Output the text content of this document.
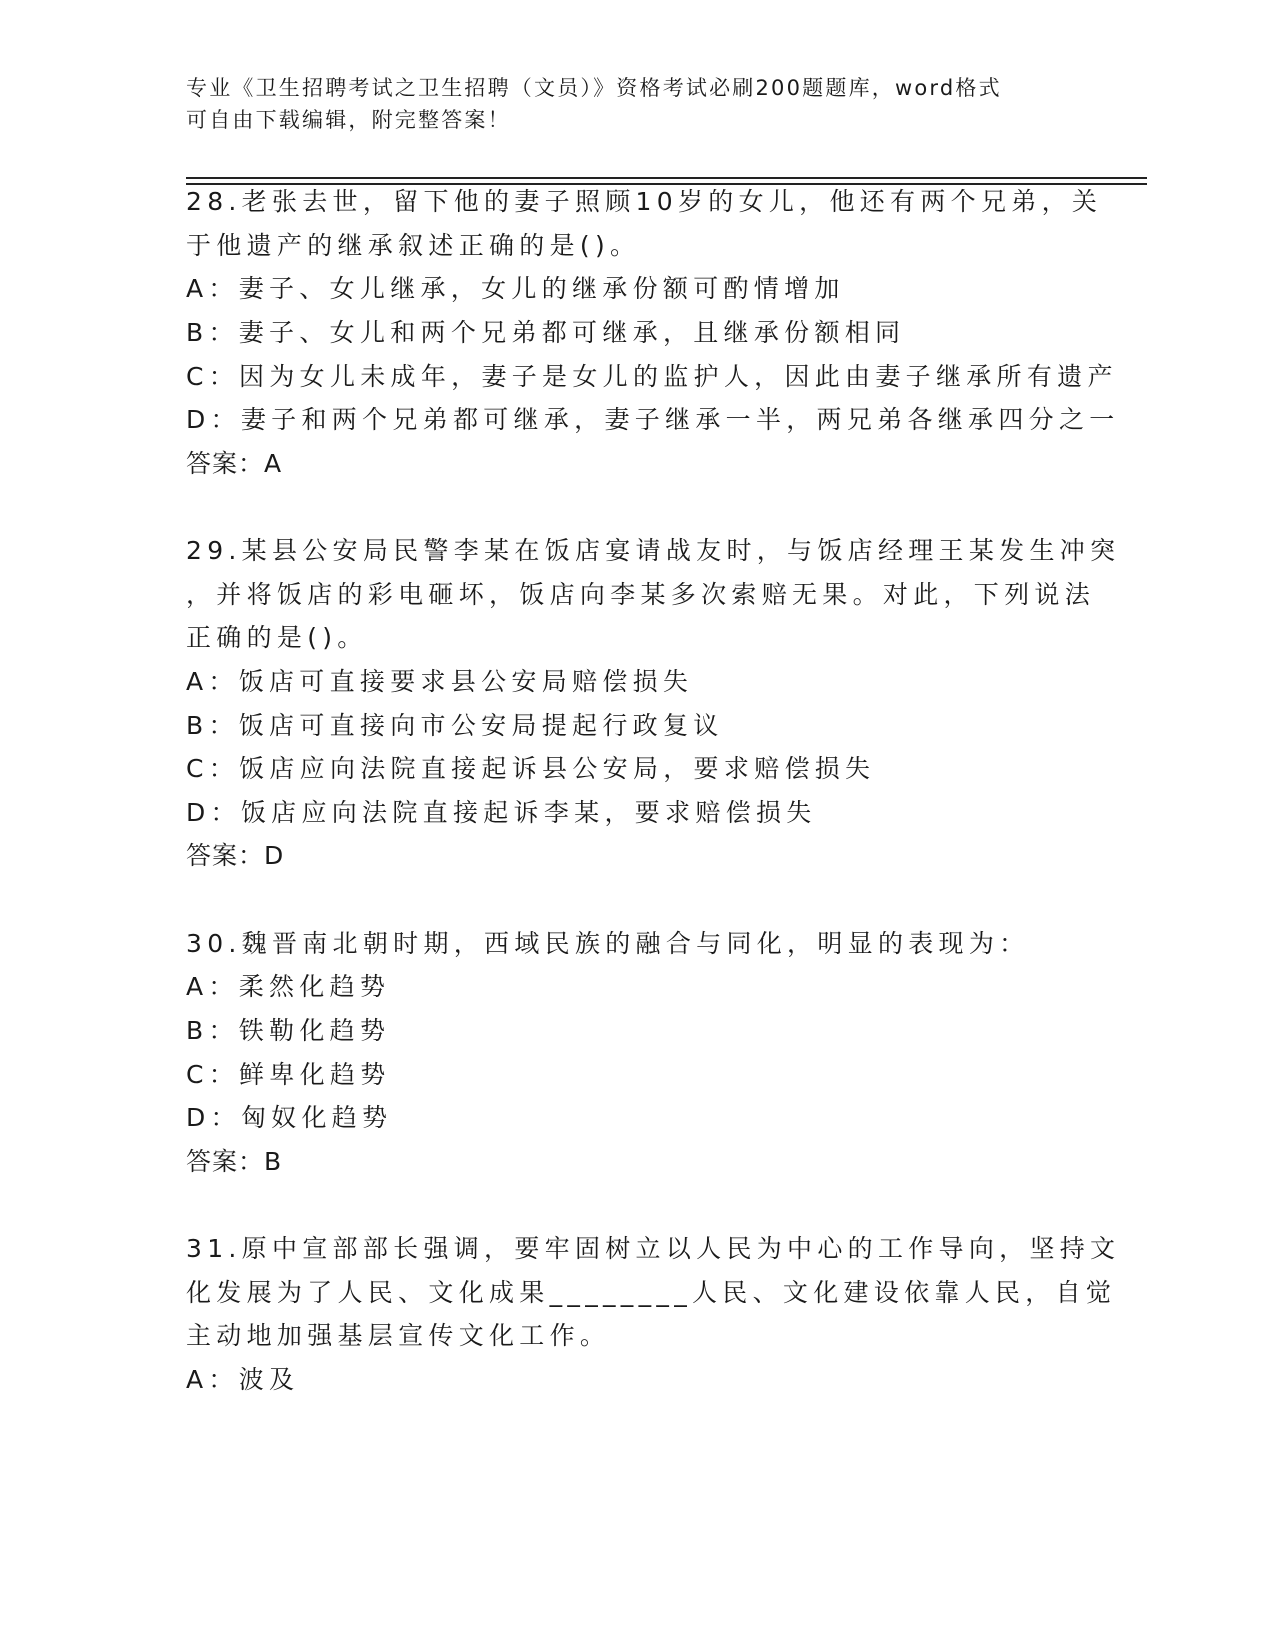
专业《卫生招聘考试之卫生招聘（文员）》资格考试必刷200题题库，word格式
可自由下载编辑，附完整答案！
28.老张去世，留下他的妻子照顾10岁的女儿，他还有两个兄弟，关
于他遗产的继承叙述正确的是()。
A：妻子、女儿继承，女儿的继承份额可酌情增加
B：妻子、女儿和两个兄弟都可继承，且继承份额相同
C：因为女儿未成年，妻子是女儿的监护人，因此由妻子继承所有遗产
D：妻子和两个兄弟都可继承，妻子继承一半，两兄弟各继承四分之一
答案：A
29.某县公安局民警李某在饭店宴请战友时，与饭店经理王某发生冲突
，并将饭店的彩电砸坏，饭店向李某多次索赔无果。对此，下列说法
正确的是()。
A：饭店可直接要求县公安局赔偿损失
B：饭店可直接向市公安局提起行政复议
C：饭店应向法院直接起诉县公安局，要求赔偿损失
D：饭店应向法院直接起诉李某，要求赔偿损失
答案：D
30.魏晋南北朝时期，西域民族的融合与同化，明显的表现为：
A：柔然化趋势
B：铁勒化趋势
C：鲜卑化趋势
D：匈奴化趋势
答案：B
31.原中宣部部长强调，要牢固树立以人民为中心的工作导向，坚持文
化发展为了人民、文化成果________人民、文化建设依靠人民，自觉
主动地加强基层宣传文化工作。
A：波及
